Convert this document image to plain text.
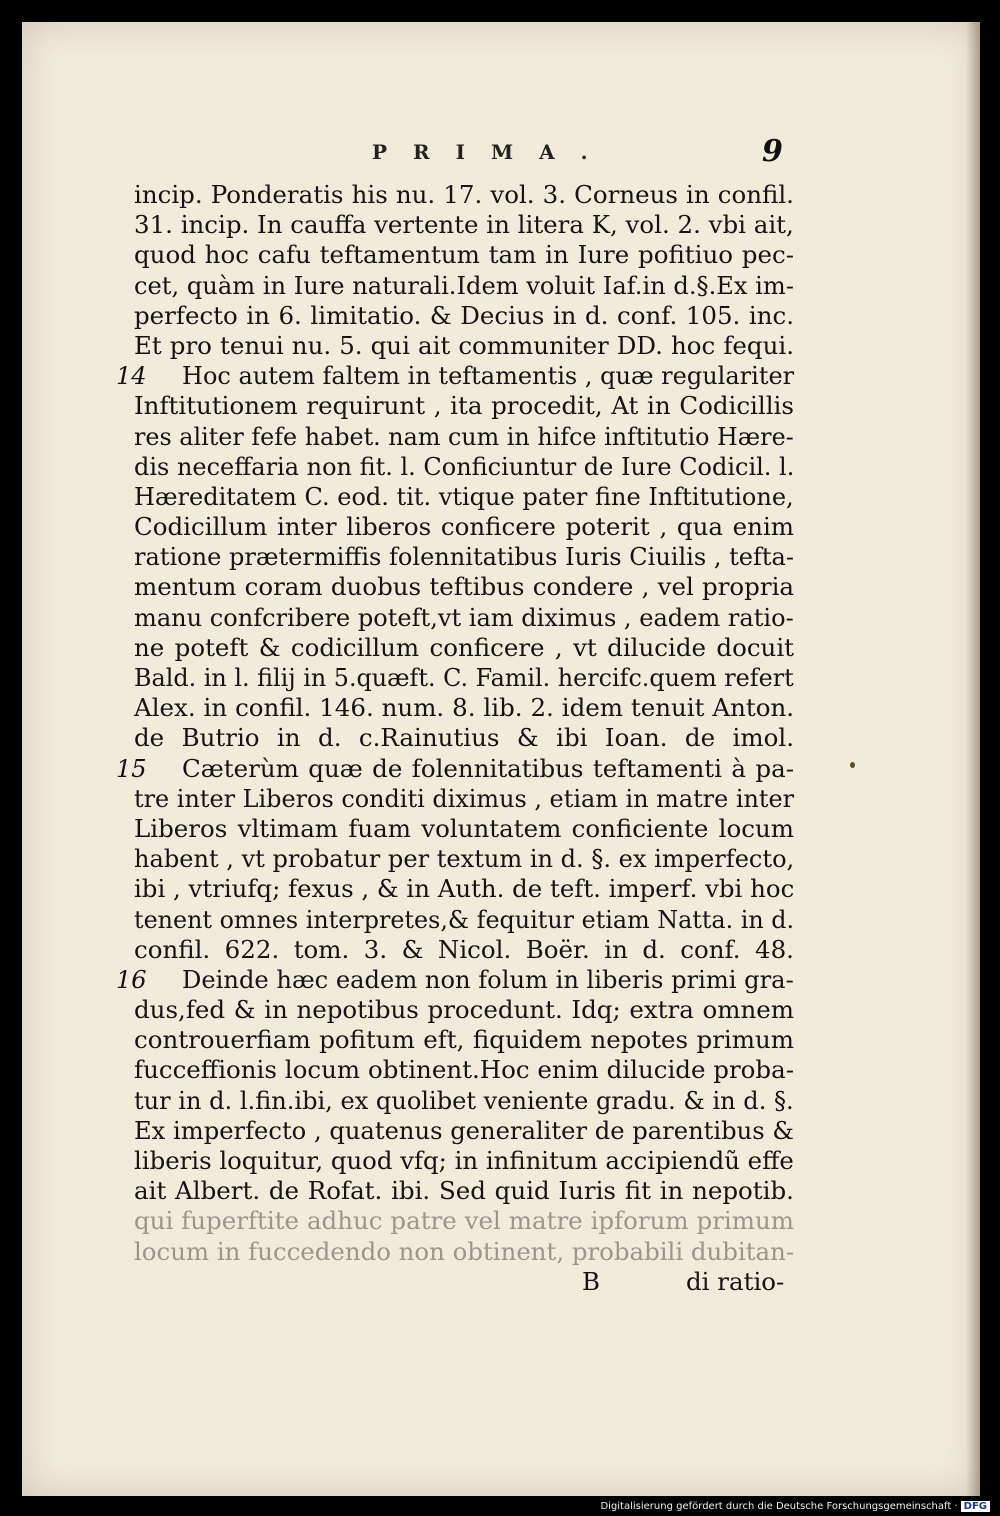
PRIMA.	9
incip. Ponderatis his nu. 17. vol. 3. Corneus in confil.
31. incip. In cauffa vertente in litera K, vol. 2. vbi ait,
quod hoc cafu teftamentum tam in Iure pofitiuo pec-
cet, quàm in Iure naturali.Idem voluit Iaf.in d.§.Ex im-
perfecto in 6. limitatio. & Decius in d. conf. 105. inc.
Et pro tenui nu. 5. qui ait communiter DD. hoc fequi.
14 Hoc autem faltem in teftamentis , quæ regulariter
Inftitutionem requirunt , ita procedit, At in Codicillis
res aliter fefe habet. nam cum in hifce inftitutio Hære-
dis neceffaria non fit. l. Conficiuntur de Iure Codicil. l.
Hæreditatem C. eod. tit. vtique pater fine Inftitutione,
Codicillum inter liberos conficere poterit , qua enim
ratione prætermiffis folennitatibus Iuris Ciuilis , tefta-
mentum coram duobus teftibus condere , vel propria
manu confcribere poteft,vt iam diximus , eadem ratio-
ne poteft & codicillum conficere , vt dilucide docuit
Bald. in l. filij in 5.quæft. C. Famil. hercifc.quem refert
Alex. in confil. 146. num. 8. lib. 2. idem tenuit Anton.
de Butrio in d. c.Rainutius & ibi Ioan. de imol.
15 Cæterùm quæ de folennitatibus teftamenti à pa-
tre inter Liberos conditi diximus , etiam in matre inter
Liberos vltimam fuam voluntatem conficiente locum
habent , vt probatur per textum in d. §. ex imperfecto,
ibi , vtriufq; fexus , & in Auth. de teft. imperf. vbi hoc
tenent omnes interpretes,& fequitur etiam Natta. in d.
confil. 622. tom. 3. & Nicol. Boër. in d. conf. 48.
16 Deinde hæc eadem non folum in liberis primi gra-
dus,fed & in nepotibus procedunt. Idq; extra omnem
controuerfiam pofitum eft, fiquidem nepotes primum
fucceffionis locum obtinent.Hoc enim dilucide proba-
tur in d. l.fin.ibi, ex quolibet veniente gradu. & in d. §.
Ex imperfecto , quatenus generaliter de parentibus &
liberis loquitur, quod vfq; in infinitum accipiendũ effe
ait Albert. de Rofat. ibi. Sed quid Iuris fit in nepotib.
qui fuperftite adhuc patre vel matre ipforum primum
locum in fuccedendo non obtinent, probabili dubitan-
B	di ratio-
Digitalisierung gefördert durch die Deutsche Forschungsgemeinschaft · DFG
